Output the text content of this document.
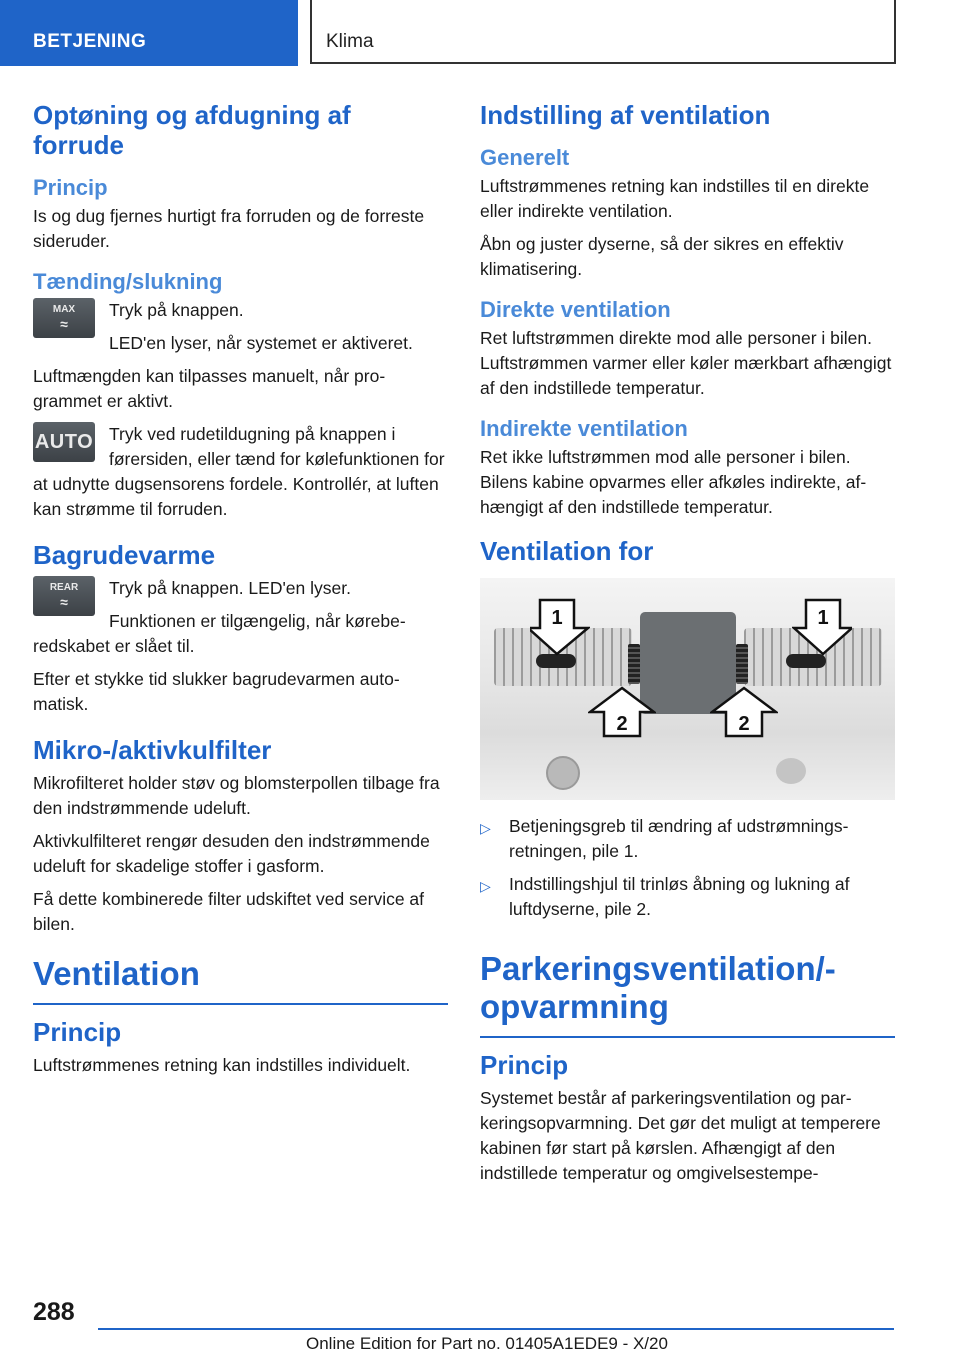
BETJENING	Klima
Optøning og afdugning af forrude
Princip

Is og dug fjernes hurtigt fra forruden og de forreste sideruder.

Tænding/slukning
MAX
≈

Tryk på knappen.

LED'en lyser, når systemet er aktiveret.

Luftmængden kan tilpasses manuelt, når programmet er aktivt.

AUTO Tryk ved rudetildugning på knappen i førersiden, eller tænd for kølefunktionen for at udnytte dugsensorens fordele. Kontrollér, at luften kan strømme til forruden.

Bagrudevarme
REAR
≈

Tryk på knappen. LED'en lyser.

Funktionen er tilgængelig, når køreberedskabet er slået til.

Efter et stykke tid slukker bagrudevarmen automatisk.

Mikro-/aktivkulfilter

Mikrofilteret holder støv og blomsterpollen tilbage fra den indstrømmende udeluft.

Aktivkulfilteret rengør desuden den indstrømmende udeluft for skadelige stoffer i gasform.

Få dette kombinerede filter udskiftet ved service af bilen.

Ventilation
Princip

Luftstrømmenes retning kan indstilles individuelt.

Indstilling af ventilation
Generelt

Luftstrømmenes retning kan indstilles til en direkte eller indirekte ventilation.

Åbn og juster dyserne, så der sikres en effektiv klimatisering.

Direkte ventilation

Ret luftstrømmen direkte mod alle personer i bilen. Luftstrømmen varmer eller køler mærkbart afhængigt af den indstillede temperatur.

Indirekte ventilation

Ret ikke luftstrømmen mod alle personer i bilen. Bilens kabine opvarmes eller afkøles indirekte, afhængigt af den indstillede temperatur.

Ventilation for
1	1
2	2
▷ Betjeningsgreb til ændring af udstrømningsretningen, pile 1.
▷ Indstillingshjul til trinløs åbning og lukning af luftdyserne, pile 2.
Parkeringsventilation/-opvarmning
Princip

Systemet består af parkeringsventilation og parkeringsopvarmning. Det gør det muligt at temperere kabinen før start på kørslen. Afhængigt af den indstillede temperatur og omgivelsestempe-

288
Online Edition for Part no. 01405A1EDE9 - X/20
